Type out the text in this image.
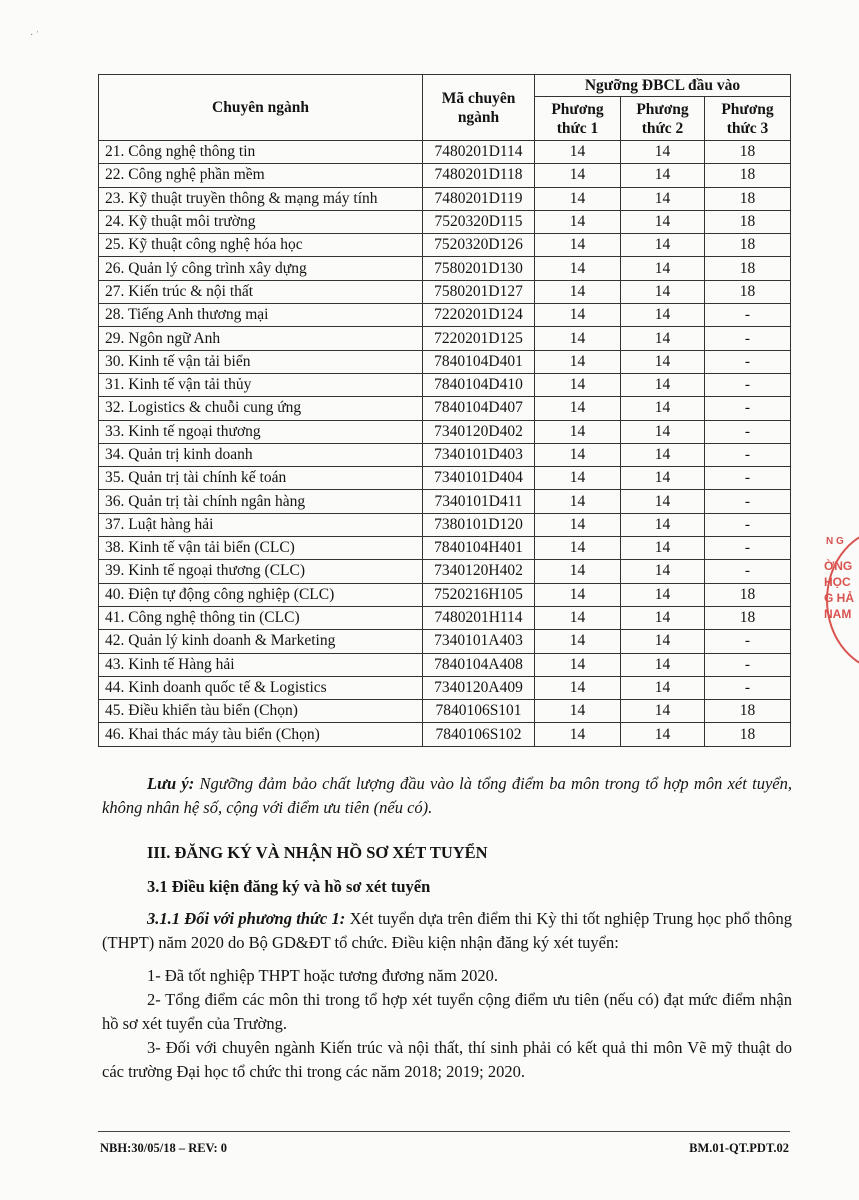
· ˈ
Chuyên ngành	Mã chuyên ngành	Ngưỡng ĐBCL đầu vào		
		Phương thức 1	Phương thức 2	Phương thức 3
21. Công nghệ thông tin	7480201D114	14	14	18
22. Công nghệ phần mềm	7480201D118	14	14	18
23. Kỹ thuật truyền thông & mạng máy tính	7480201D119	14	14	18
24. Kỹ thuật môi trường	7520320D115	14	14	18
25. Kỹ thuật công nghệ hóa học	7520320D126	14	14	18
26. Quản lý công trình xây dựng	7580201D130	14	14	18
27. Kiến trúc & nội thất	7580201D127	14	14	18
28. Tiếng Anh thương mại	7220201D124	14	14	-
29. Ngôn ngữ Anh	7220201D125	14	14	-
30. Kinh tế vận tải biển	7840104D401	14	14	-
31. Kinh tế vận tải thủy	7840104D410	14	14	-
32. Logistics & chuỗi cung ứng	7840104D407	14	14	-
33. Kinh tế ngoại thương	7340120D402	14	14	-
34. Quản trị kinh doanh	7340101D403	14	14	-
35. Quản trị tài chính kế toán	7340101D404	14	14	-
36. Quản trị tài chính ngân hàng	7340101D411	14	14	-
37. Luật hàng hải	7380101D120	14	14	-
38. Kinh tế vận tải biển (CLC)	7840104H401	14	14	-
39. Kinh tế ngoại thương (CLC)	7340120H402	14	14	-
40. Điện tự động công nghiệp (CLC)	7520216H105	14	14	18
41. Công nghệ thông tin (CLC)	7480201H114	14	14	18
42. Quản lý kinh doanh & Marketing	7340101A403	14	14	-
43. Kinh tế Hàng hải	7840104A408	14	14	-
44. Kinh doanh quốc tế & Logistics	7340120A409	14	14	-
45. Điều khiển tàu biển (Chọn)	7840106S101	14	14	18
46. Khai thác máy tàu biển (Chọn)	7840106S102	14	14	18
Lưu ý: Ngưỡng đảm bảo chất lượng đầu vào là tổng điểm ba môn trong tổ hợp môn xét tuyển, không nhân hệ số, cộng với điểm ưu tiên (nếu có).
III. ĐĂNG KÝ VÀ NHẬN HỒ SƠ XÉT TUYỂN
3.1 Điều kiện đăng ký và hồ sơ xét tuyển
3.1.1 Đối với phương thức 1: Xét tuyển dựa trên điểm thi Kỳ thi tốt nghiệp Trung học phổ thông (THPT) năm 2020 do Bộ GD&ĐT tổ chức. Điều kiện nhận đăng ký xét tuyển:
1- Đã tốt nghiệp THPT hoặc tương đương năm 2020.
2- Tổng điểm các môn thi trong tổ hợp xét tuyển cộng điểm ưu tiên (nếu có) đạt mức điểm nhận hồ sơ xét tuyển của Trường.
3- Đối với chuyên ngành Kiến trúc và nội thất, thí sinh phải có kết quả thi môn Vẽ mỹ thuật do các trường Đại học tổ chức thi trong các năm 2018; 2019; 2020.
NBH:30/05/18 – REV: 0	BM.01-QT.PDT.02
N G
ỜNG
HỌC
G HẢ
NAM
